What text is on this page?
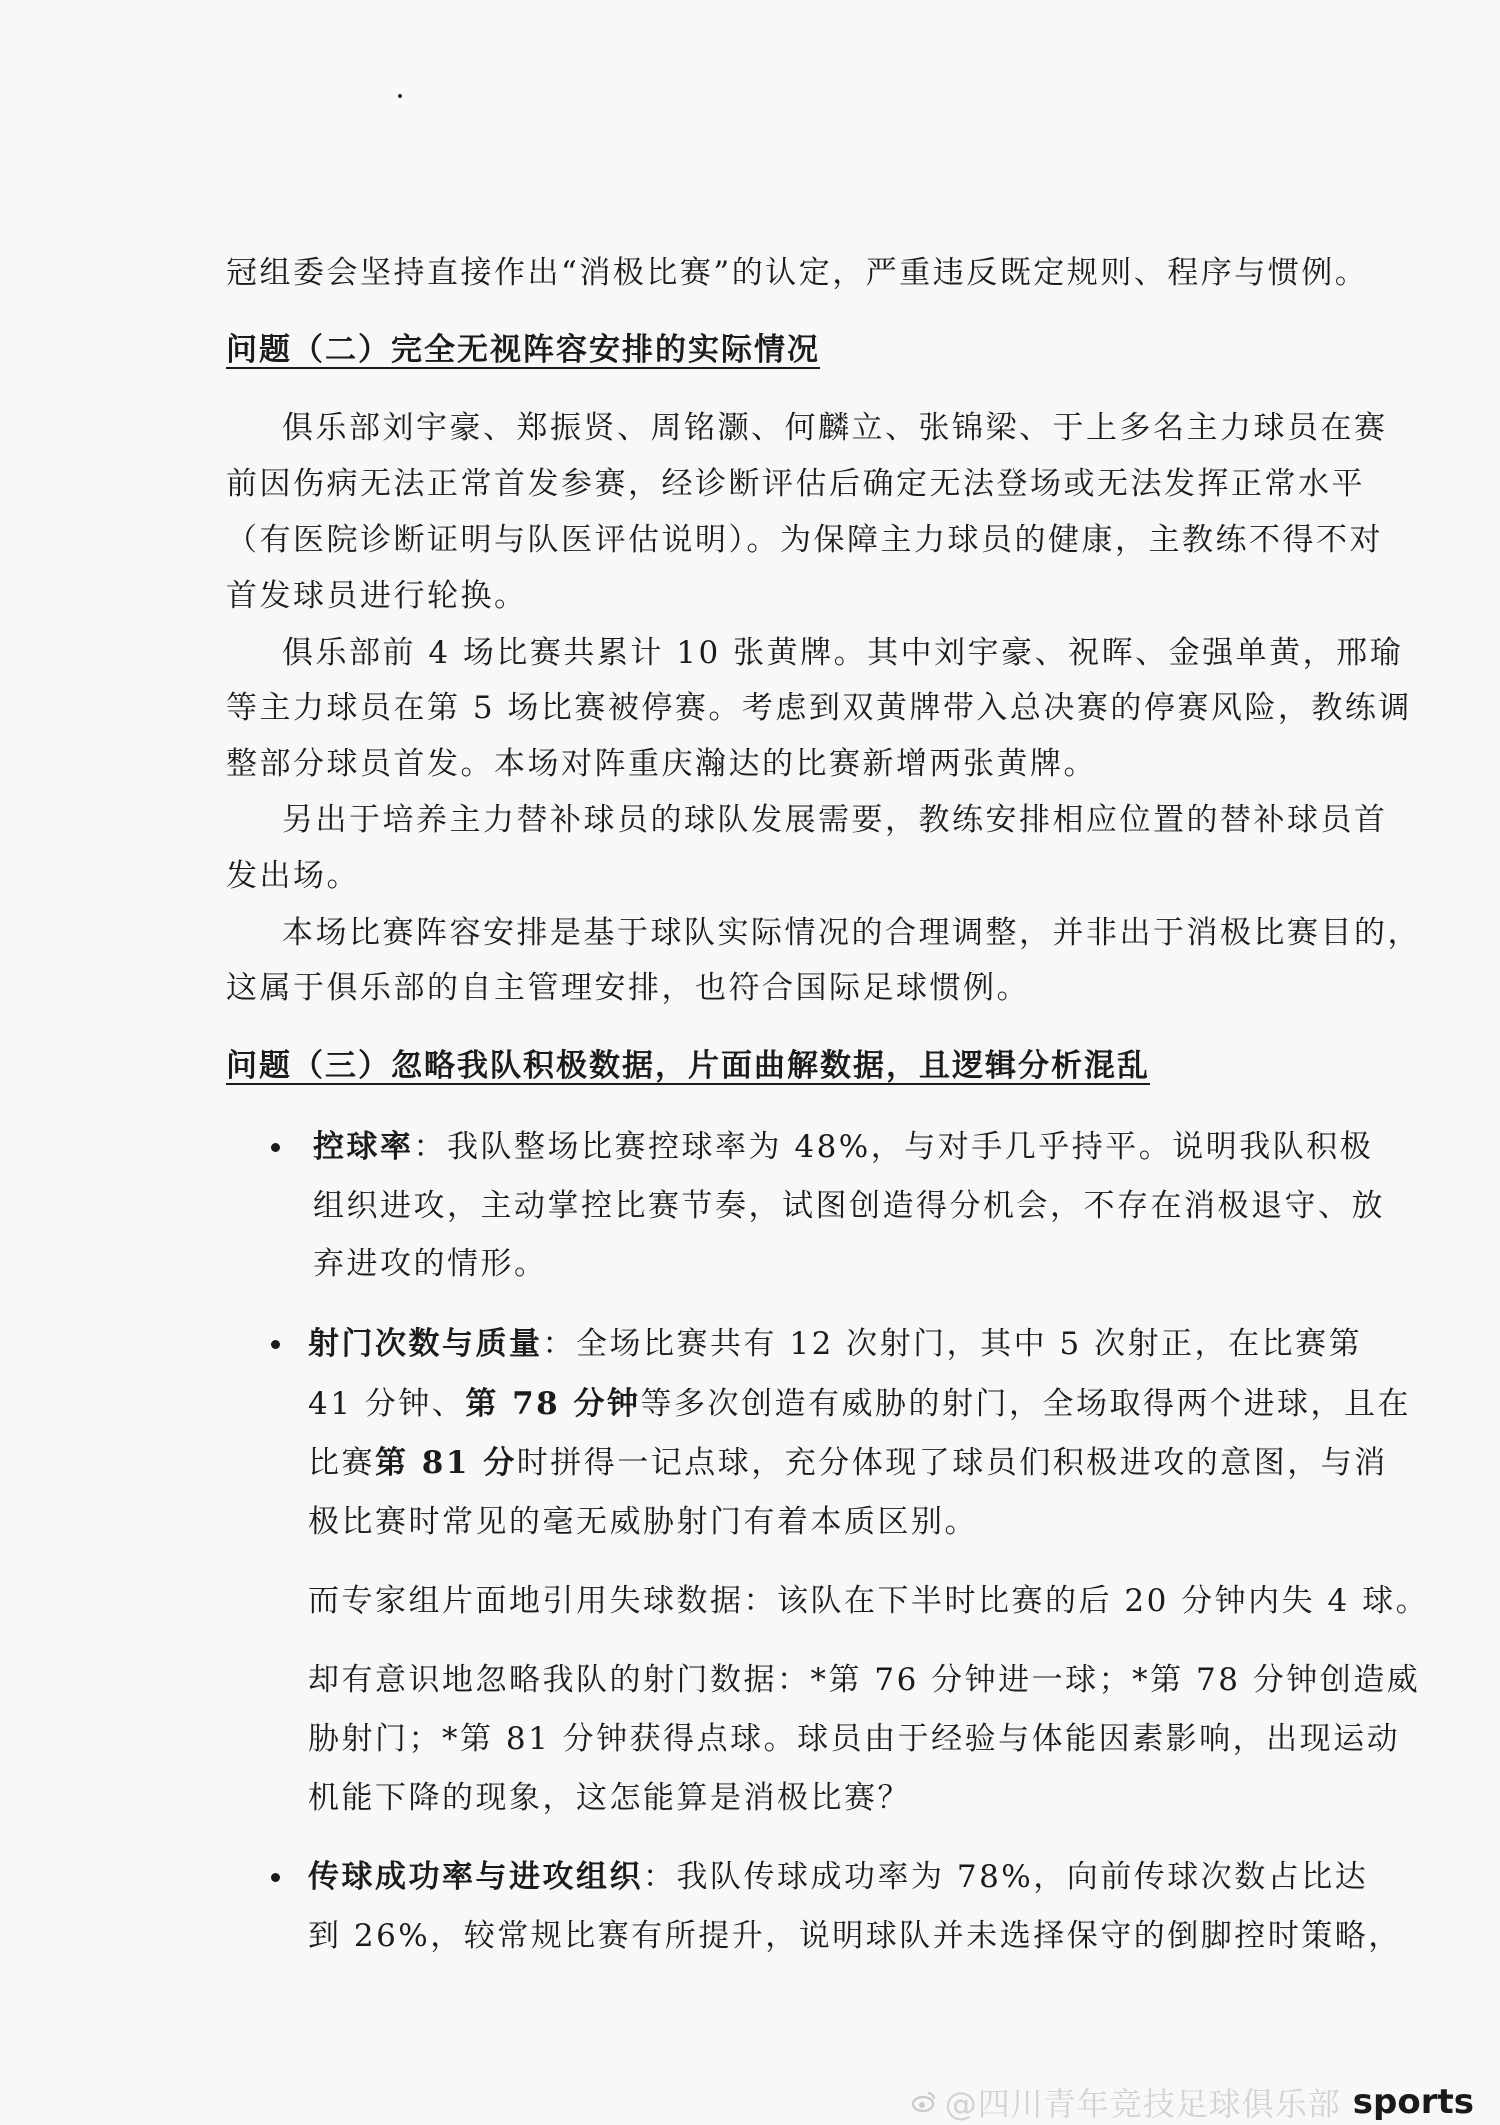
冠组委会坚持直接作出“消极比赛”的认定，严重违反既定规则、程序与惯例。
问题（二）完全无视阵容安排的实际情况
俱乐部刘宇豪、郑振贤、周铭灏、何麟立、张锦梁、于上多名主力球员在赛
前因伤病无法正常首发参赛，经诊断评估后确定无法登场或无法发挥正常水平
（有医院诊断证明与队医评估说明）。为保障主力球员的健康，主教练不得不对
首发球员进行轮换。
俱乐部前 4 场比赛共累计 10 张黄牌。其中刘宇豪、祝晖、金强单黄，邢瑜
等主力球员在第 5 场比赛被停赛。考虑到双黄牌带入总决赛的停赛风险，教练调
整部分球员首发。本场对阵重庆瀚达的比赛新增两张黄牌。
另出于培养主力替补球员的球队发展需要，教练安排相应位置的替补球员首
发出场。
本场比赛阵容安排是基于球队实际情况的合理调整，并非出于消极比赛目的，
这属于俱乐部的自主管理安排，也符合国际足球惯例。
问题（三）忽略我队积极数据，片面曲解数据，且逻辑分析混乱
控球率：我队整场比赛控球率为 48%，与对手几乎持平。说明我队积极
组织进攻，主动掌控比赛节奏，试图创造得分机会，不存在消极退守、放
弃进攻的情形。
射门次数与质量：全场比赛共有 12 次射门，其中 5 次射正，在比赛第
41 分钟、第 78 分钟等多次创造有威胁的射门，全场取得两个进球，且在
比赛第 81 分时拼得一记点球，充分体现了球员们积极进攻的意图，与消
极比赛时常见的毫无威胁射门有着本质区别。
而专家组片面地引用失球数据：该队在下半时比赛的后 20 分钟内失 4 球。
却有意识地忽略我队的射门数据：*第 76 分钟进一球；*第 78 分钟创造威
胁射门；*第 81 分钟获得点球。球员由于经验与体能因素影响，出现运动
机能下降的现象，这怎能算是消极比赛？
传球成功率与进攻组织：我队传球成功率为 78%，向前传球次数占比达
到 26%，较常规比赛有所提升，说明球队并未选择保守的倒脚控时策略，
@四川青年竞技足球俱乐部 sports
